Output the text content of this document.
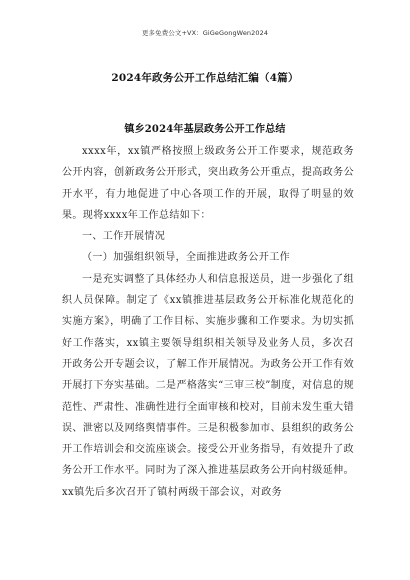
更多免费公文+VX：GiGeGongWen2024
2024年政务公开工作总结汇编（4篇）
镇乡2024年基层政务公开工作总结

xxxx年，xx镇严格按照上级政务公开工作要求，规范政务公开内容，创新政务公开形式，突出政务公开重点，提高政务公开水平，有力地促进了中心各项工作的开展，取得了明显的效果。现将xxxx年工作总结如下：

一、工作开展情况

（一）加强组织领导，全面推进政务公开工作

一是充实调整了具体经办人和信息报送员，进一步强化了组织人员保障。制定了《xx镇推进基层政务公开标准化规范化的实施方案》，明确了工作目标、实施步骤和工作要求。为切实抓好工作落实，xx镇主要领导组织相关领导及业务人员，多次召开政务公开专题会议，了解工作开展情况。为政务公开工作有效开展打下夯实基础。二是严格落实“三审三校”制度，对信息的规范性、严肃性、准确性进行全面审核和校对，目前未发生重大错误、泄密以及网络舆情事件。三是积极参加市、县组织的政务公开工作培训会和交流座谈会。接受公开业务指导，有效提升了政务公开工作水平。同时为了深入推进基层政务公开向村级延伸。xx镇先后多次召开了镇村两级干部会议，对政务
